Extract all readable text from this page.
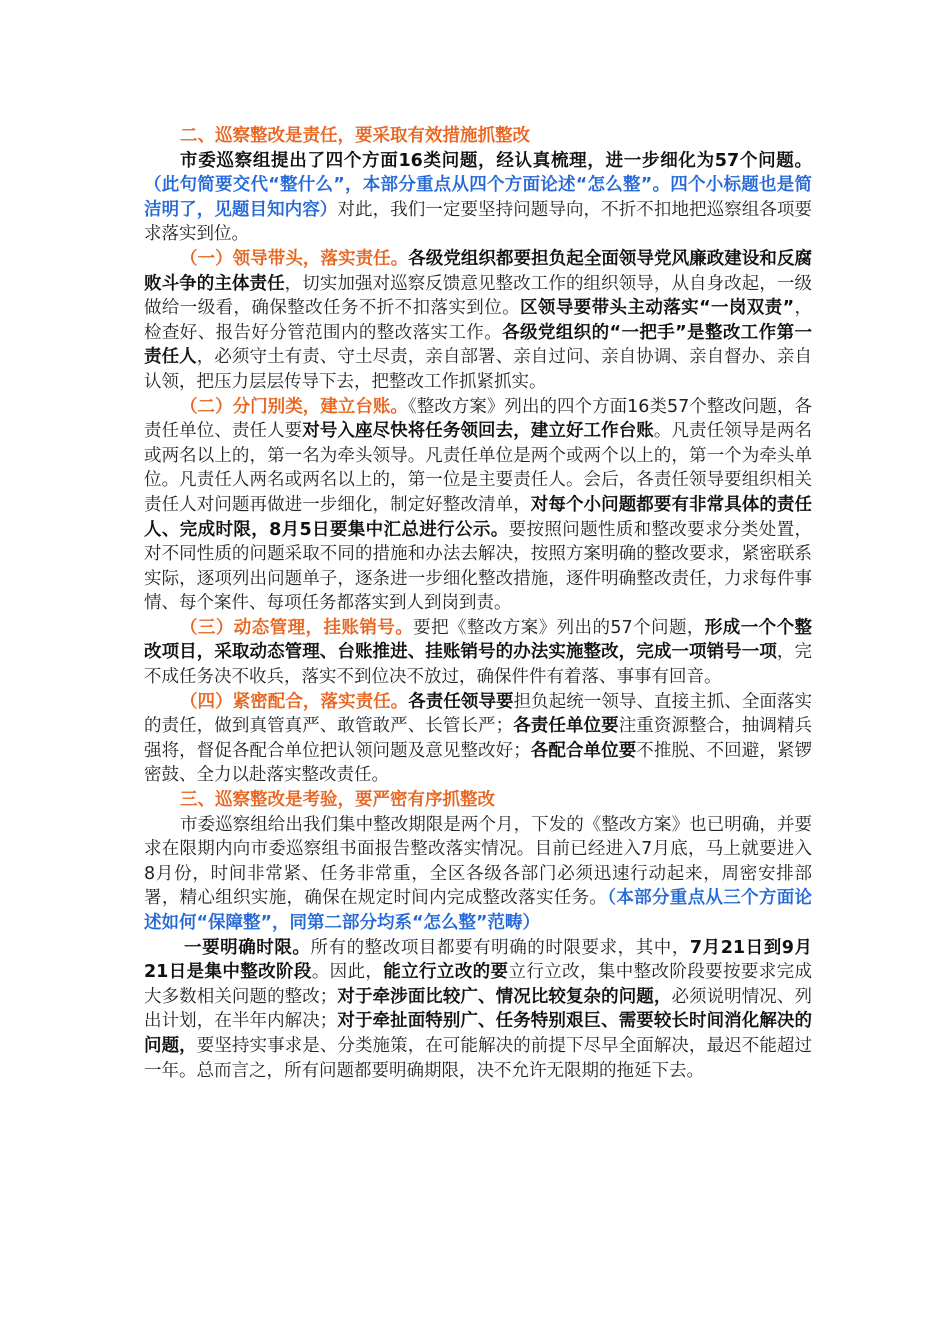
二、巡察整改是责任，要采取有效措施抓整改

市委巡察组提出了四个方面16类问题，经认真梳理，进一步细化为57个问题。（此句简要交代“整什么”，本部分重点从四个方面论述“怎么整”。四个小标题也是简洁明了，见题目知内容）对此，我们一定要坚持问题导向，不折不扣地把巡察组各项要求落实到位。

（一）领导带头，落实责任。各级党组织都要担负起全面领导党风廉政建设和反腐败斗争的主体责任，切实加强对巡察反馈意见整改工作的组织领导，从自身改起，一级做给一级看，确保整改任务不折不扣落实到位。区领导要带头主动落实“一岗双责”，检查好、报告好分管范围内的整改落实工作。各级党组织的“一把手”是整改工作第一责任人，必须守土有责、守土尽责，亲自部署、亲自过问、亲自协调、亲自督办、亲自认领，把压力层层传导下去，把整改工作抓紧抓实。

（二）分门别类，建立台账。《整改方案》列出的四个方面16类57个整改问题，各责任单位、责任人要对号入座尽快将任务领回去，建立好工作台账。凡责任领导是两名或两名以上的，第一名为牵头领导。凡责任单位是两个或两个以上的，第一个为牵头单位。凡责任人两名或两名以上的，第一位是主要责任人。会后，各责任领导要组织相关责任人对问题再做进一步细化，制定好整改清单，对每个小问题都要有非常具体的责任人、完成时限，8月5日要集中汇总进行公示。要按照问题性质和整改要求分类处置，对不同性质的问题采取不同的措施和办法去解决，按照方案明确的整改要求，紧密联系实际，逐项列出问题单子，逐条进一步细化整改措施，逐件明确整改责任，力求每件事情、每个案件、每项任务都落实到人到岗到责。

（三）动态管理，挂账销号。要把《整改方案》列出的57个问题，形成一个个整改项目，采取动态管理、台账推进、挂账销号的办法实施整改，完成一项销号一项，完不成任务决不收兵，落实不到位决不放过，确保件件有着落、事事有回音。

（四）紧密配合，落实责任。各责任领导要担负起统一领导、直接主抓、全面落实的责任，做到真管真严、敢管敢严、长管长严；各责任单位要注重资源整合，抽调精兵强将，督促各配合单位把认领问题及意见整改好；各配合单位要不推脱、不回避，紧锣密鼓、全力以赴落实整改责任。

三、巡察整改是考验，要严密有序抓整改

市委巡察组给出我们集中整改期限是两个月，下发的《整改方案》也已明确，并要求在限期内向市委巡察组书面报告整改落实情况。目前已经进入7月底，马上就要进入8月份，时间非常紧、任务非常重，全区各级各部门必须迅速行动起来，周密安排部署，精心组织实施，确保在规定时间内完成整改落实任务。（本部分重点从三个方面论述如何“保障整”，同第二部分均系“怎么整”范畴）

一要明确时限。所有的整改项目都要有明确的时限要求，其中，7月21日到9月21日是集中整改阶段。因此，能立行立改的要立行立改，集中整改阶段要按要求完成大多数相关问题的整改；对于牵涉面比较广、情况比较复杂的问题，必须说明情况、列出计划，在半年内解决；对于牵扯面特别广、任务特别艰巨、需要较长时间消化解决的问题，要坚持实事求是、分类施策，在可能解决的前提下尽早全面解决，最迟不能超过一年。总而言之，所有问题都要明确期限，决不允许无限期的拖延下去。
